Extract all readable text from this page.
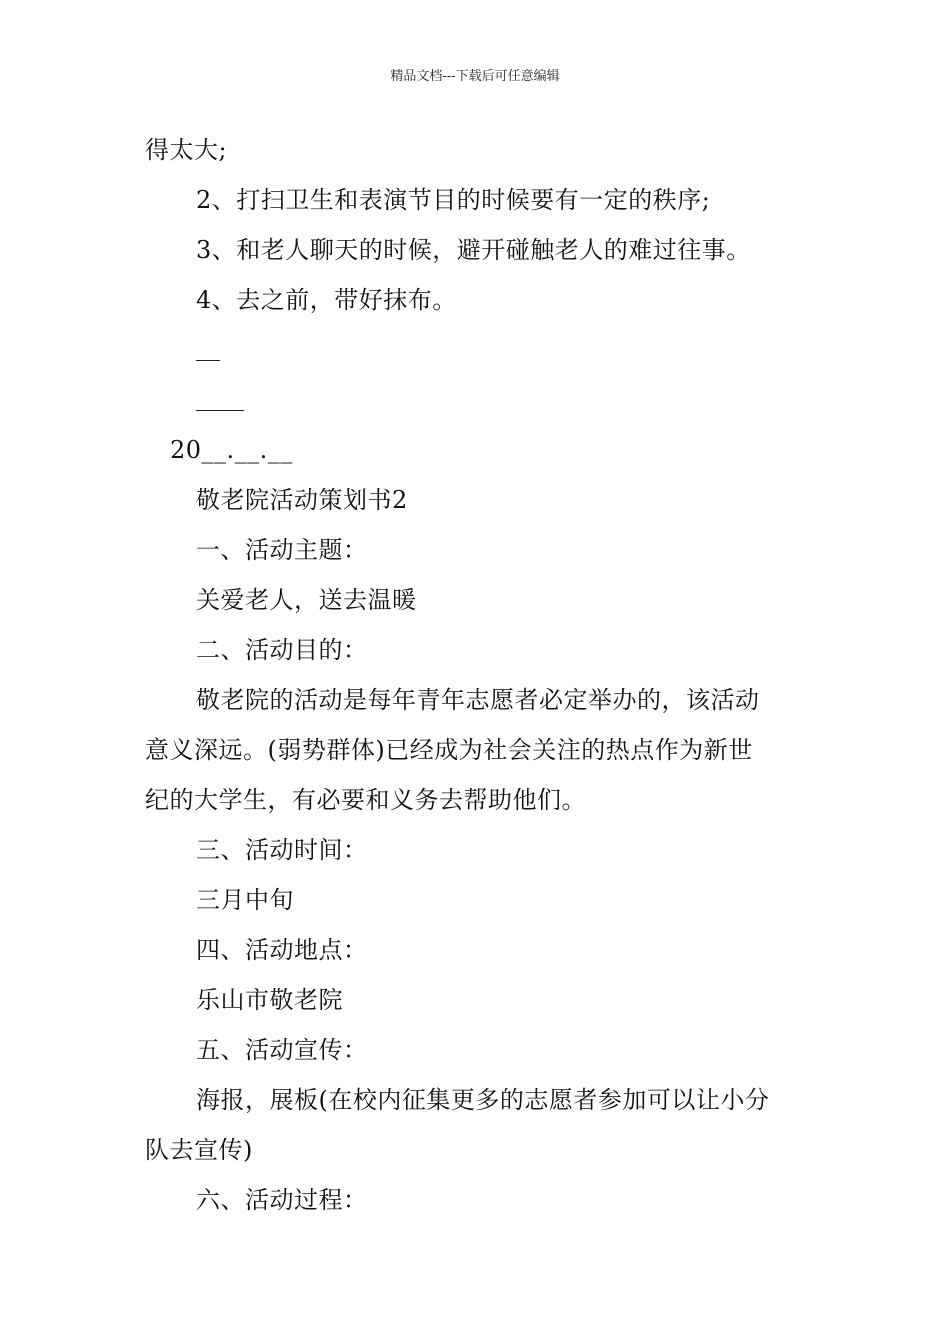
精品文档---下载后可任意编辑
得太大;
2、打扫卫生和表演节目的时候要有一定的秩序;
3、和老人聊天的时候，避开碰触老人的难过往事。
4、去之前，带好抹布。
20__.__.__
敬老院活动策划书2
一、活动主题：
关爱老人，送去温暖
二、活动目的：
敬老院的活动是每年青年志愿者必定举办的，该活动
意义深远。(弱势群体)已经成为社会关注的热点作为新世
纪的大学生，有必要和义务去帮助他们。
三、活动时间：
三月中旬
四、活动地点：
乐山市敬老院
五、活动宣传：
海报，展板(在校内征集更多的志愿者参加可以让小分
队去宣传)
六、活动过程：
